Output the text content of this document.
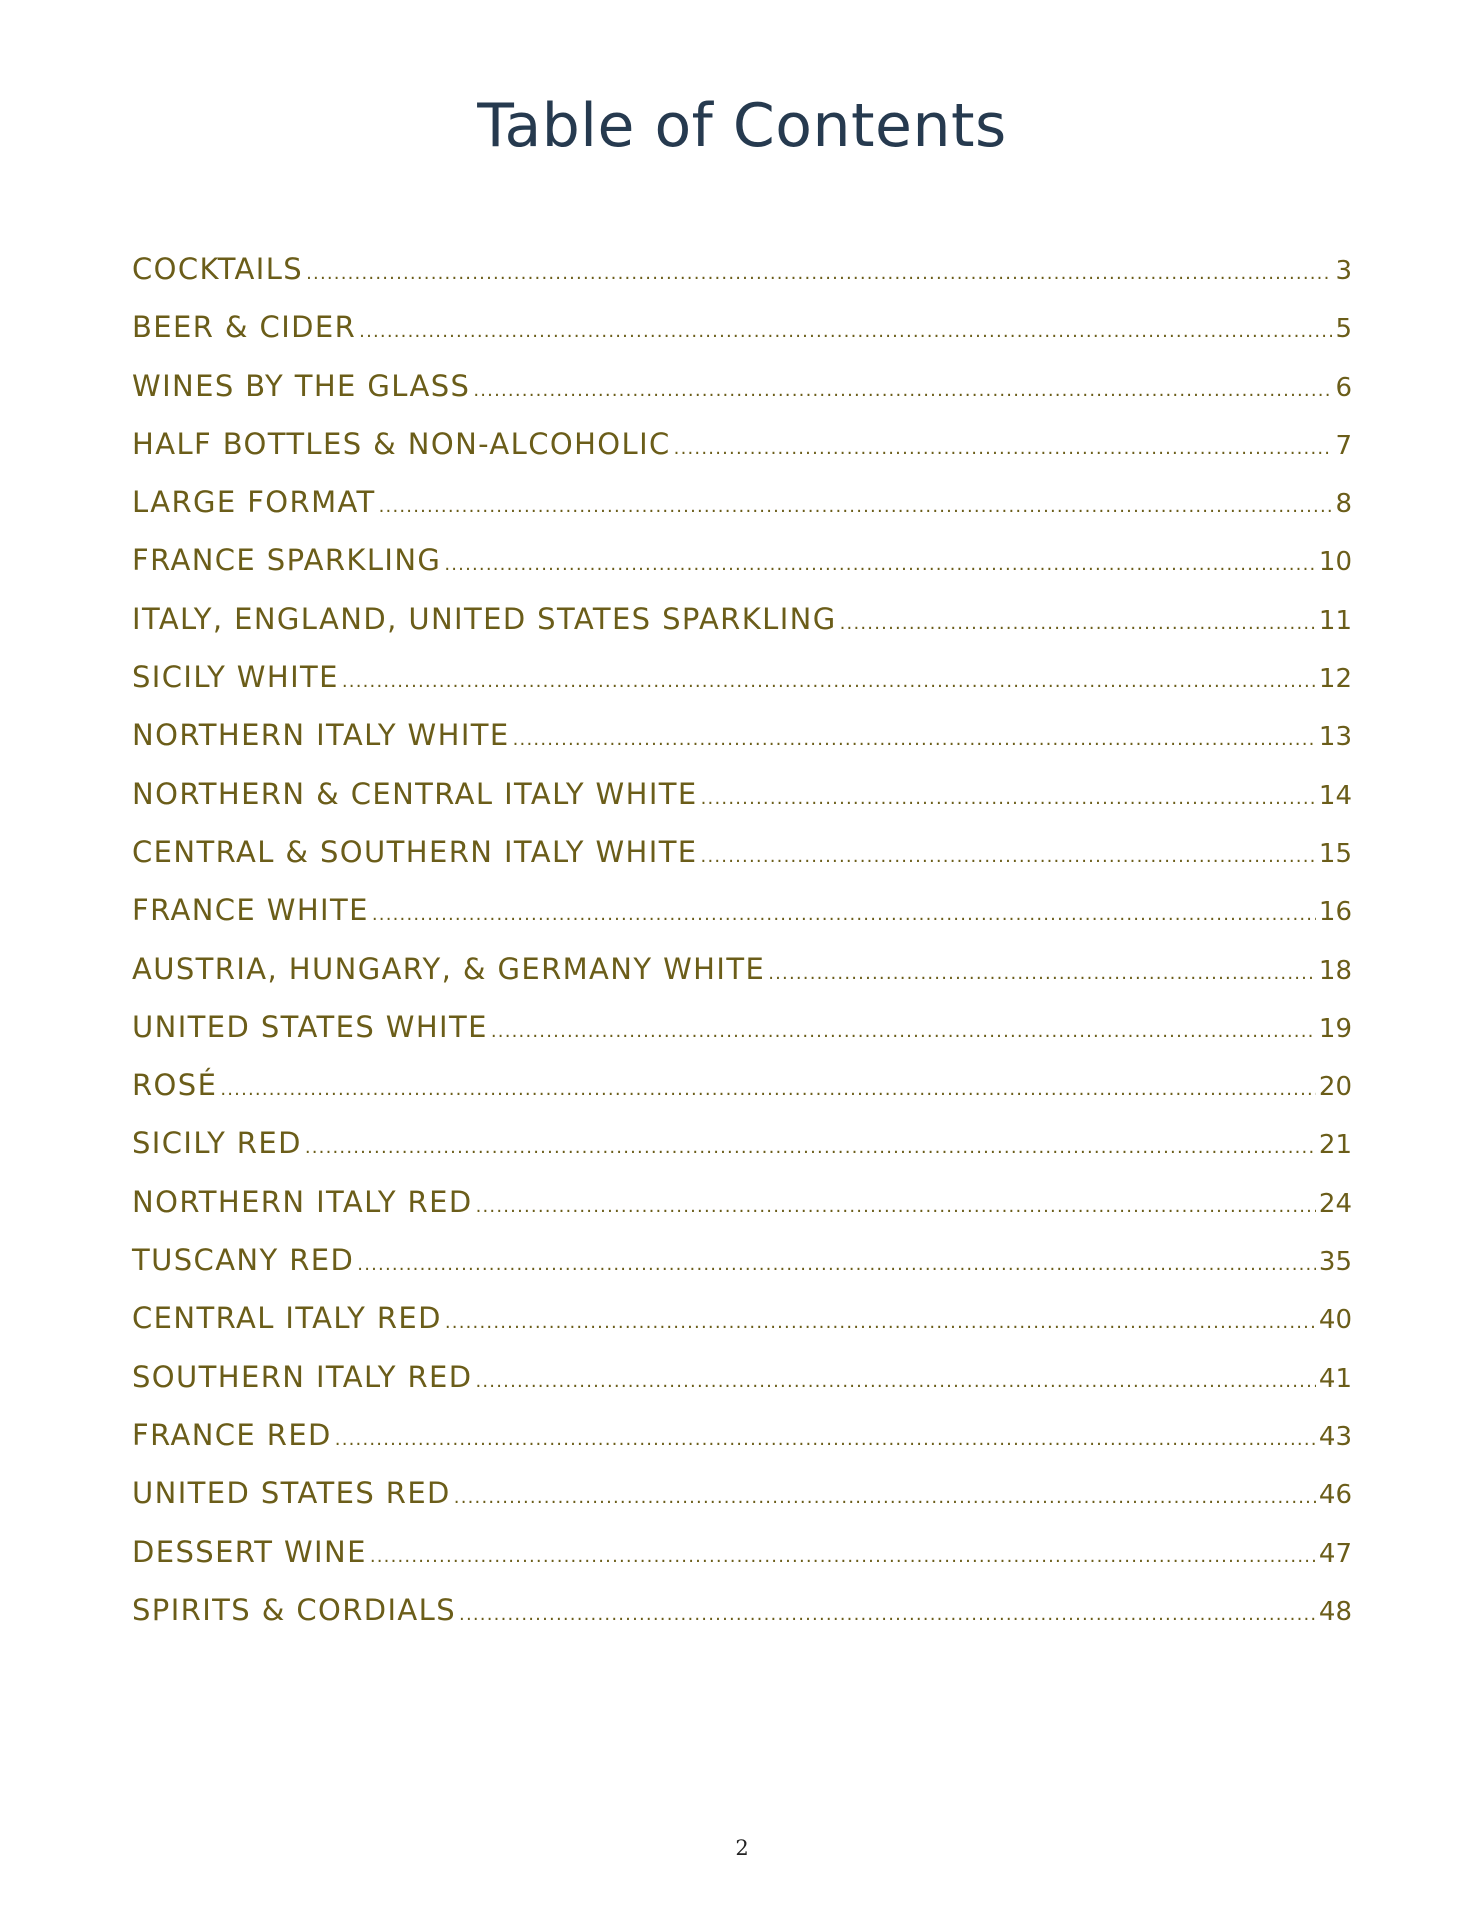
Table of Contents
COCKTAILS .....	3
BEER & CIDER .....	5
WINES BY THE GLASS .....	6
HALF BOTTLES & NON-ALCOHOLIC .....	7
LARGE FORMAT .....	8
FRANCE SPARKLING .....	10
ITALY, ENGLAND, UNITED STATES SPARKLING .....	11
SICILY WHITE .....	12
NORTHERN ITALY WHITE .....	13
NORTHERN & CENTRAL ITALY WHITE .....	14
CENTRAL & SOUTHERN ITALY WHITE .....	15
FRANCE WHITE .....	16
AUSTRIA, HUNGARY, & GERMANY WHITE .....	18
UNITED STATES WHITE .....	19
ROSÉ .....	20
SICILY RED .....	21
NORTHERN ITALY RED .....	24
TUSCANY RED .....	35
CENTRAL ITALY RED .....	40
SOUTHERN ITALY RED .....	41
FRANCE RED .....	43
UNITED STATES RED .....	46
DESSERT WINE .....	47
SPIRITS & CORDIALS .....	48
2
